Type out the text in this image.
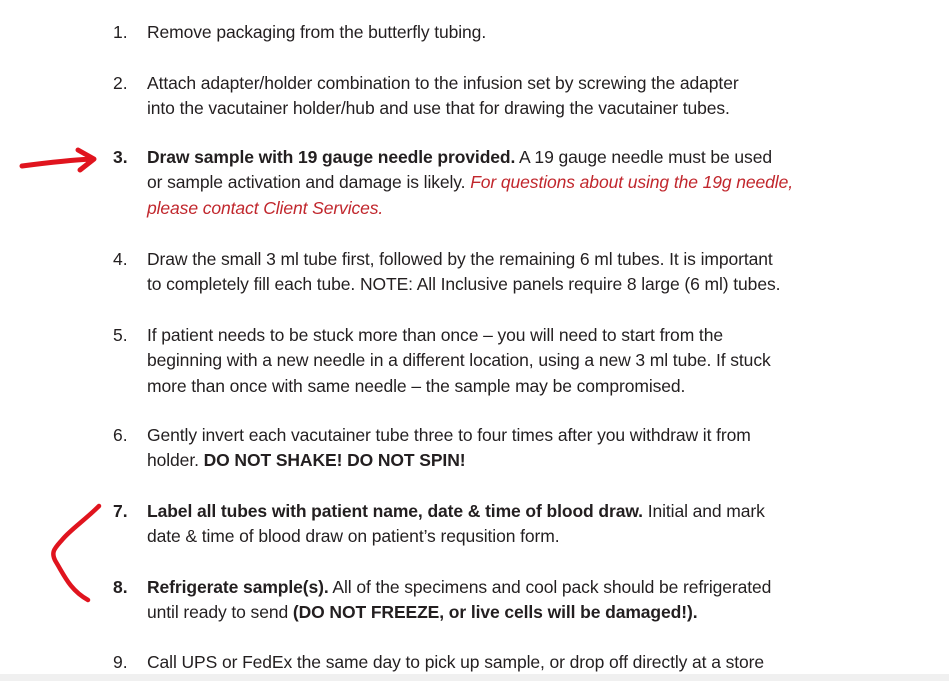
1. Remove packaging from the butterfly tubing.
2. Attach adapter/holder combination to the infusion set by screwing the adapter
into the vacutainer holder/hub and use that for drawing the vacutainer tubes.
3. Draw sample with 19 gauge needle provided. A 19 gauge needle must be used
or sample activation and damage is likely. For questions about using the 19g needle,
please contact Client Services.
4. Draw the small 3 ml tube first, followed by the remaining 6 ml tubes. It is important
to completely fill each tube. NOTE: All Inclusive panels require 8 large (6 ml) tubes.
5. If patient needs to be stuck more than once – you will need to start from the
beginning with a new needle in a different location, using a new 3 ml tube. If stuck
more than once with same needle – the sample may be compromised.
6. Gently invert each vacutainer tube three to four times after you withdraw it from
holder. DO NOT SHAKE! DO NOT SPIN!
7. Label all tubes with patient name, date & time of blood draw. Initial and mark
date & time of blood draw on patient’s requsition form.
8. Refrigerate sample(s). All of the specimens and cool pack should be refrigerated
until ready to send (DO NOT FREEZE, or live cells will be damaged!).
9. Call UPS or FedEx the same day to pick up sample, or drop off directly at a store
